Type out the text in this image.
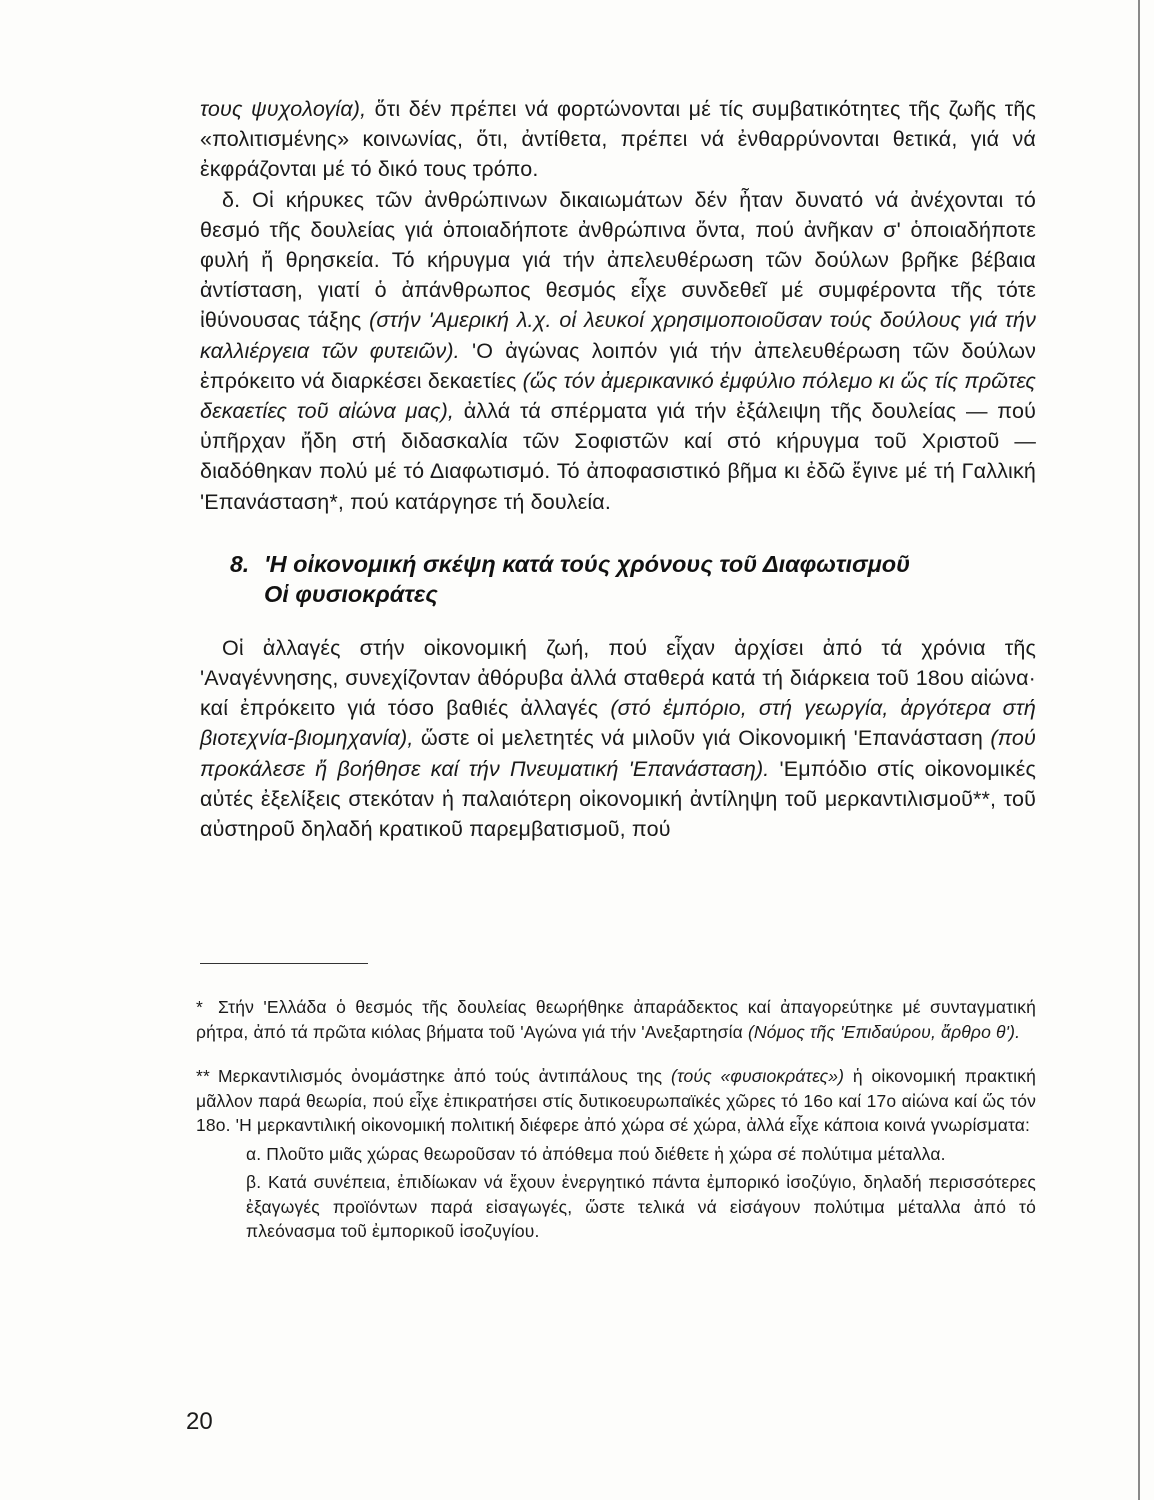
τους ψυχολογία), ὅτι δέν πρέπει νά φορτώνονται μέ τίς συμβατικότητες τῆς ζωῆς τῆς «πολιτισμένης» κοινωνίας, ὅτι, ἀντίθετα, πρέπει νά ἐνθαρρύνονται θετικά, γιά νά ἐκφράζονται μέ τό δικό τους τρόπο.

δ. Οἱ κήρυκες τῶν ἀνθρώπινων δικαιωμάτων δέν ἦταν δυνατό νά ἀνέχονται τό θεσμό τῆς δουλείας γιά ὁποιαδήποτε ἀνθρώπινα ὄντα, πού ἀνῆκαν σ' ὁποιαδήποτε φυλή ἤ θρησκεία. Τό κήρυγμα γιά τήν ἀπελευθέρωση τῶν δούλων βρῆκε βέβαια ἀντίσταση, γιατί ὁ ἀπάνθρωπος θεσμός εἶχε συνδεθεῖ μέ συμφέροντα τῆς τότε ἰθύνουσας τάξης (στήν 'Αμερική λ.χ. οἱ λευκοί χρησιμοποιοῦσαν τούς δούλους γιά τήν καλλιέργεια τῶν φυτειῶν). 'Ο ἀγώνας λοιπόν γιά τήν ἀπελευθέρωση τῶν δούλων ἐπρόκειτο νά διαρκέσει δεκαετίες (ὥς τόν ἀμερικανικό ἐμφύλιο πόλεμο κι ὥς τίς πρῶτες δεκαετίες τοῦ αἰώνα μας), ἀλλά τά σπέρματα γιά τήν ἐξάλειψη τῆς δουλείας — πού ὑπῆρχαν ἤδη στή διδασκαλία τῶν Σοφιστῶν καί στό κήρυγμα τοῦ Χριστοῦ — διαδόθηκαν πολύ μέ τό Διαφωτισμό. Τό ἀποφασιστικό βῆμα κι ἐδῶ ἔγινε μέ τή Γαλλική 'Επανάσταση*, πού κατάργησε τή δουλεία.

8. 'Η οἰκονομική σκέψη κατά τούς χρόνους τοῦ Διαφωτισμοῦ
Οἱ φυσιοκράτες

Οἱ ἀλλαγές στήν οἰκονομική ζωή, πού εἶχαν ἀρχίσει ἀπό τά χρόνια τῆς 'Αναγέννησης, συνεχίζονταν ἀθόρυβα ἀλλά σταθερά κατά τή διάρκεια τοῦ 18ου αἰώνα· καί ἐπρόκειτο γιά τόσο βαθιές ἀλλαγές (στό ἐμπόριο, στή γεωργία, ἀργότερα στή βιοτεχνία-βιομηχανία), ὥστε οἱ μελετητές νά μιλοῦν γιά Οἰκονομική 'Επανάσταση (πού προκάλεσε ἤ βοήθησε καί τήν Πνευματική 'Επανάσταση). 'Εμπόδιο στίς οἰκονομικές αὐτές ἐξελίξεις στεκόταν ἡ παλαιότερη οἰκονομική ἀντίληψη τοῦ μερκαντιλισμοῦ**, τοῦ αὐστηροῦ δηλαδή κρατικοῦ παρεμβατισμοῦ, πού

* Στήν 'Ελλάδα ὁ θεσμός τῆς δουλείας θεωρήθηκε ἀπαράδεκτος καί ἀπαγορεύτηκε μέ συνταγματική ρήτρα, ἀπό τά πρῶτα κιόλας βήματα τοῦ 'Αγώνα γιά τήν 'Ανεξαρτησία (Νόμος τῆς 'Επιδαύρου, ἄρθρο θ').

** Μερκαντιλισμός ὀνομάστηκε ἀπό τούς ἀντιπάλους της (τούς «φυσιοκράτες») ἡ οἰκονομική πρακτική μᾶλλον παρά θεωρία, πού εἶχε ἐπικρατήσει στίς δυτικοευρωπαϊκές χῶρες τό 16ο καί 17ο αἰώνα καί ὥς τόν 18ο. 'Η μερκαντιλική οἰκονομική πολιτική διέφερε ἀπό χώρα σέ χώρα, ἀλλά εἶχε κάποια κοινά γνωρίσματα:

α. Πλοῦτο μιᾶς χώρας θεωροῦσαν τό ἀπόθεμα πού διέθετε ἡ χώρα σέ πολύτιμα μέταλλα.

β. Κατά συνέπεια, ἐπιδίωκαν νά ἔχουν ἐνεργητικό πάντα ἐμπορικό ἰσοζύγιο, δηλαδή περισσότερες ἐξαγωγές προϊόντων παρά εἰσαγωγές, ὥστε τελικά νά εἰσάγουν πολύτιμα μέταλλα ἀπό τό πλεόνασμα τοῦ ἐμπορικοῦ ἰσοζυγίου.

20
